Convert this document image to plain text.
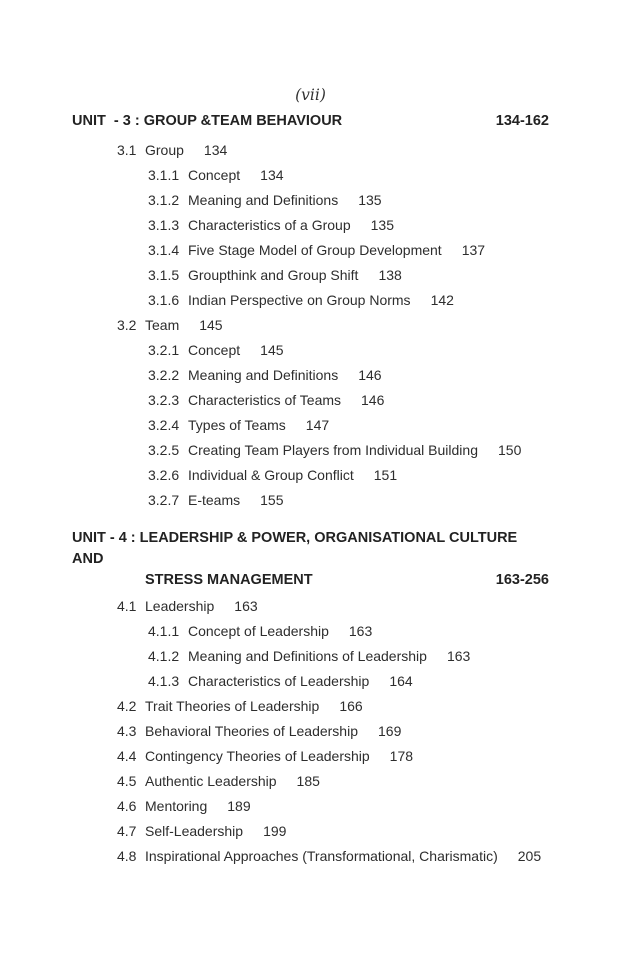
(vii)
UNIT  - 3 : GROUP &TEAM BEHAVIOUR	134-162
3.1 Group 134
3.1.1 Concept 134
3.1.2 Meaning and Definitions 135
3.1.3 Characteristics of a Group 135
3.1.4 Five Stage Model of Group Development 137
3.1.5 Groupthink and Group Shift 138
3.1.6 Indian Perspective on Group Norms 142
3.2 Team 145
3.2.1 Concept 145
3.2.2 Meaning and Definitions 146
3.2.3 Characteristics of Teams 146
3.2.4 Types of Teams 147
3.2.5 Creating Team Players from Individual Building 150
3.2.6 Individual & Group Conflict 151
3.2.7 E-teams 155
UNIT - 4 : LEADERSHIP & POWER, ORGANISATIONAL CULTURE AND
STRESS MANAGEMENT	163-256
4.1 Leadership 163
4.1.1 Concept of Leadership 163
4.1.2 Meaning and Definitions of Leadership 163
4.1.3 Characteristics of Leadership 164
4.2 Trait Theories of Leadership 166
4.3 Behavioral Theories of Leadership 169
4.4 Contingency Theories of Leadership 178
4.5 Authentic Leadership 185
4.6 Mentoring 189
4.7 Self-Leadership 199
4.8 Inspirational Approaches (Transformational, Charismatic) 205
